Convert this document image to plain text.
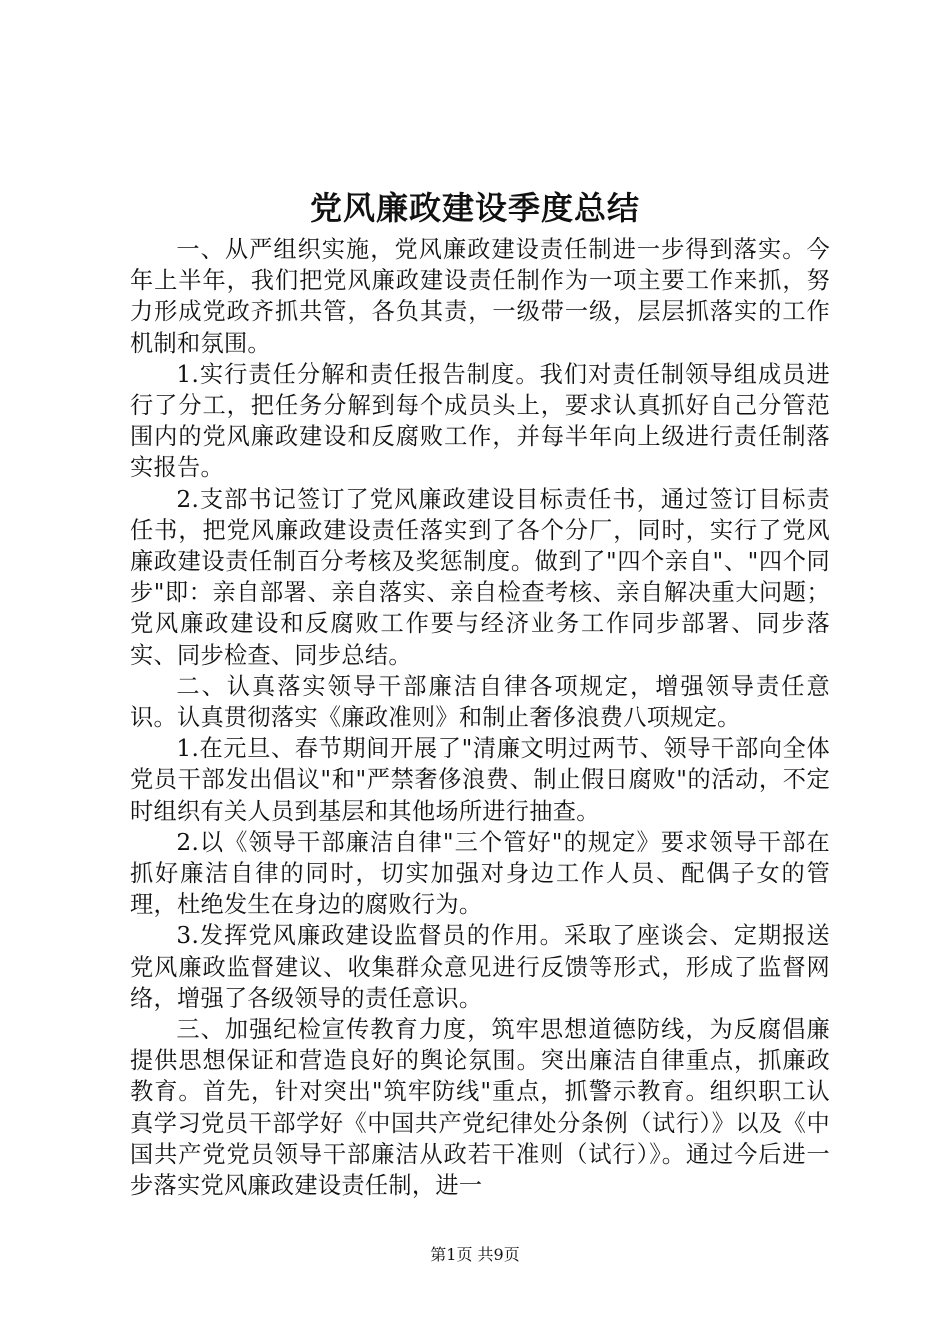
党风廉政建设季度总结

一、从严组织实施，党风廉政建设责任制进一步得到落实。今年上半年，我们把党风廉政建设责任制作为一项主要工作来抓，努力形成党政齐抓共管，各负其责，一级带一级，层层抓落实的工作机制和氛围。

1.实行责任分解和责任报告制度。我们对责任制领导组成员进行了分工，把任务分解到每个成员头上，要求认真抓好自己分管范围内的党风廉政建设和反腐败工作，并每半年向上级进行责任制落实报告。

2.支部书记签订了党风廉政建设目标责任书，通过签订目标责任书，把党风廉政建设责任落实到了各个分厂，同时，实行了党风廉政建设责任制百分考核及奖惩制度。做到了"四个亲自"、"四个同步"即：亲自部署、亲自落实、亲自检查考核、亲自解决重大问题；党风廉政建设和反腐败工作要与经济业务工作同步部署、同步落实、同步检查、同步总结。

二、认真落实领导干部廉洁自律各项规定，增强领导责任意识。认真贯彻落实《廉政准则》和制止奢侈浪费八项规定。

1.在元旦、春节期间开展了"清廉文明过两节、领导干部向全体党员干部发出倡议"和"严禁奢侈浪费、制止假日腐败"的活动，不定时组织有关人员到基层和其他场所进行抽查。

2.以《领导干部廉洁自律"三个管好"的规定》要求领导干部在抓好廉洁自律的同时，切实加强对身边工作人员、配偶子女的管理，杜绝发生在身边的腐败行为。

3.发挥党风廉政建设监督员的作用。采取了座谈会、定期报送党风廉政监督建议、收集群众意见进行反馈等形式，形成了监督网络，增强了各级领导的责任意识。

三、加强纪检宣传教育力度，筑牢思想道德防线，为反腐倡廉提供思想保证和营造良好的舆论氛围。突出廉洁自律重点，抓廉政教育。首先，针对突出"筑牢防线"重点，抓警示教育。组织职工认真学习党员干部学好《中国共产党纪律处分条例（试行）》以及《中国共产党党员领导干部廉洁从政若干准则（试行）》。通过今后进一步落实党风廉政建设责任制，进一

第1页 共9页
